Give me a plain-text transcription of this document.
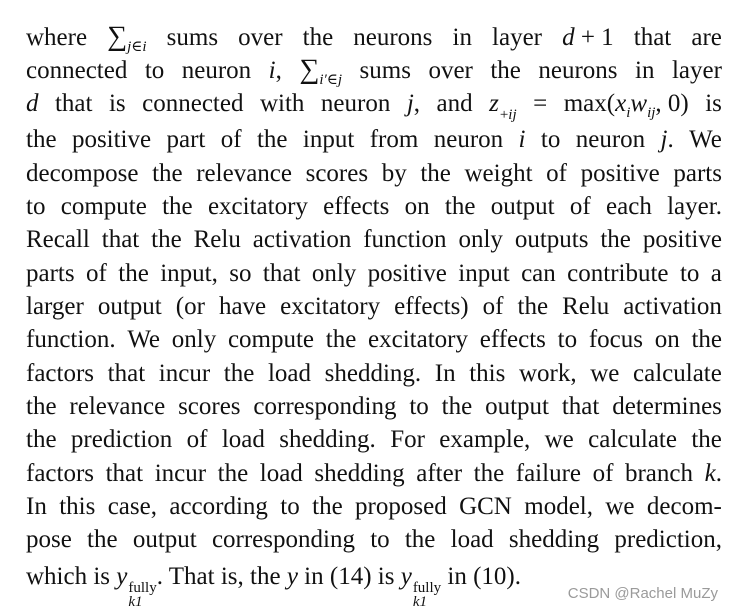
where ∑j∈i sums over the neurons in layer d + 1 that are
connected to neuron i, ∑i′∈j sums over the neurons in layer
d that is connected with neuron j, and z+ij = max(xiwij, 0) is
the positive part of the input from neuron i to neuron j. We
decompose the relevance scores by the weight of positive parts
to compute the excitatory effects on the output of each layer.
Recall that the Relu activation function only outputs the positive
parts of the input, so that only positive input can contribute to a
larger output (or have excitatory effects) of the Relu activation
function. We only compute the excitatory effects to focus on the
factors that incur the load shedding. In this work, we calculate
the relevance scores corresponding to the output that determines
the prediction of load shedding. For example, we calculate the
factors that incur the load shedding after the failure of branch k.
In this case, according to the proposed GCN model, we decom-
pose the output corresponding to the load shedding prediction,
which is y fully
k1
. That is, the y in (14) is y fully
k1
in (10).
CSDN @Rachel MuZy
